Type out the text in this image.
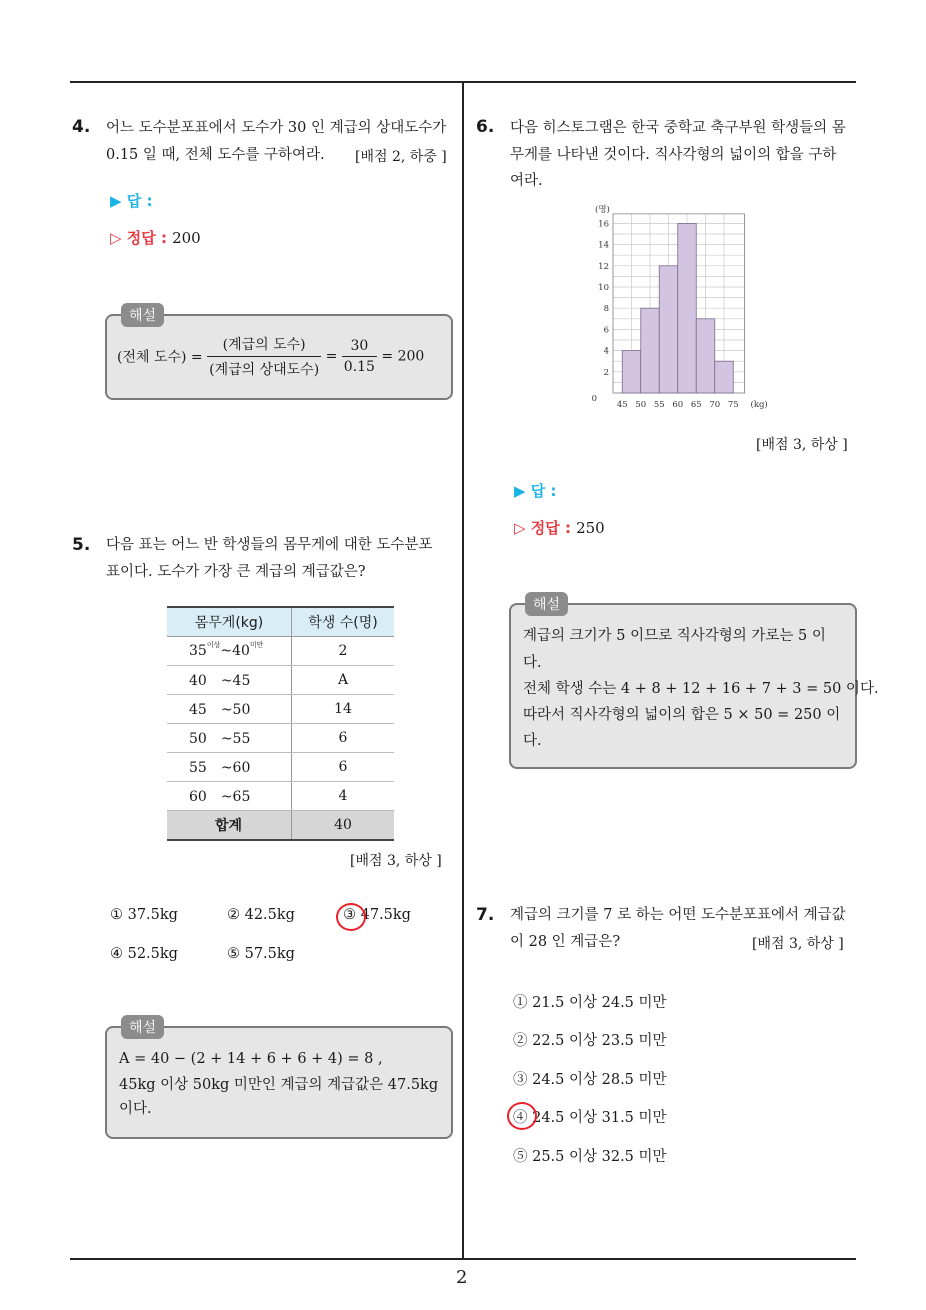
2
4. 어느 도수분포표에서 도수가 30 인 계급의 상대도수가
0.15 일 때, 전체 도수를 구하여라. [배점 2, 하중 ]
▶ 답 :
▷ 정답 : 200
해설
(전체 도수) = $\frac{\text{(계급의 도수)}}{\text{(계급의 상대도수)}} = \frac{30}{0.15} = 200$
5. 다음 표는 어느 반 학생들의 몸무게에 대한 도수분포
표이다. 도수가 가장 큰 계급의 계급값은?
몸무게(kg)	학생 수(명)
$35^{이상}\sim 40^{미만}$	2
40　~45	A
45　~50	14
50　~55	6
55　~60	6
60　~65	4
합계	40
[배점 3, 하상 ]
① 37.5kg	② 42.5kg	③ 47.5kg
④ 52.5kg	⑤ 57.5kg
해설
A = 40 − (2 + 14 + 6 + 6 + 4) = 8 ,
45kg 이상 50kg 미만인 계급의 계급값은 47.5kg
이다.
6. 다음 히스토그램은 한국 중학교 축구부원 학생들의 몸
무게를 나타낸 것이다. 직사각형의 넓이의 합을 구하
여라.
0
2
4
6
8
10
12
14
16
(명)
45 50 55 60 65 70 75 (kg)
[배점 3, 하상 ]
▶ 답 :
▷ 정답 : 250
해설
계급의 크기가 5 이므로 직사각형의 가로는 5 이
다.
전체 학생 수는 4 + 8 + 12 + 16 + 7 + 3 = 50 이다.
따라서 직사각형의 넓이의 합은 5 × 50 = 250 이
다.
7. 계급의 크기를 7 로 하는 어떤 도수분포표에서 계급값
이 28 인 계급은?	[배점 3, 하상 ]
① 21.5 이상 24.5 미만
② 22.5 이상 23.5 미만
③ 24.5 이상 28.5 미만
④ 24.5 이상 31.5 미만
⑤ 25.5 이상 32.5 미만
